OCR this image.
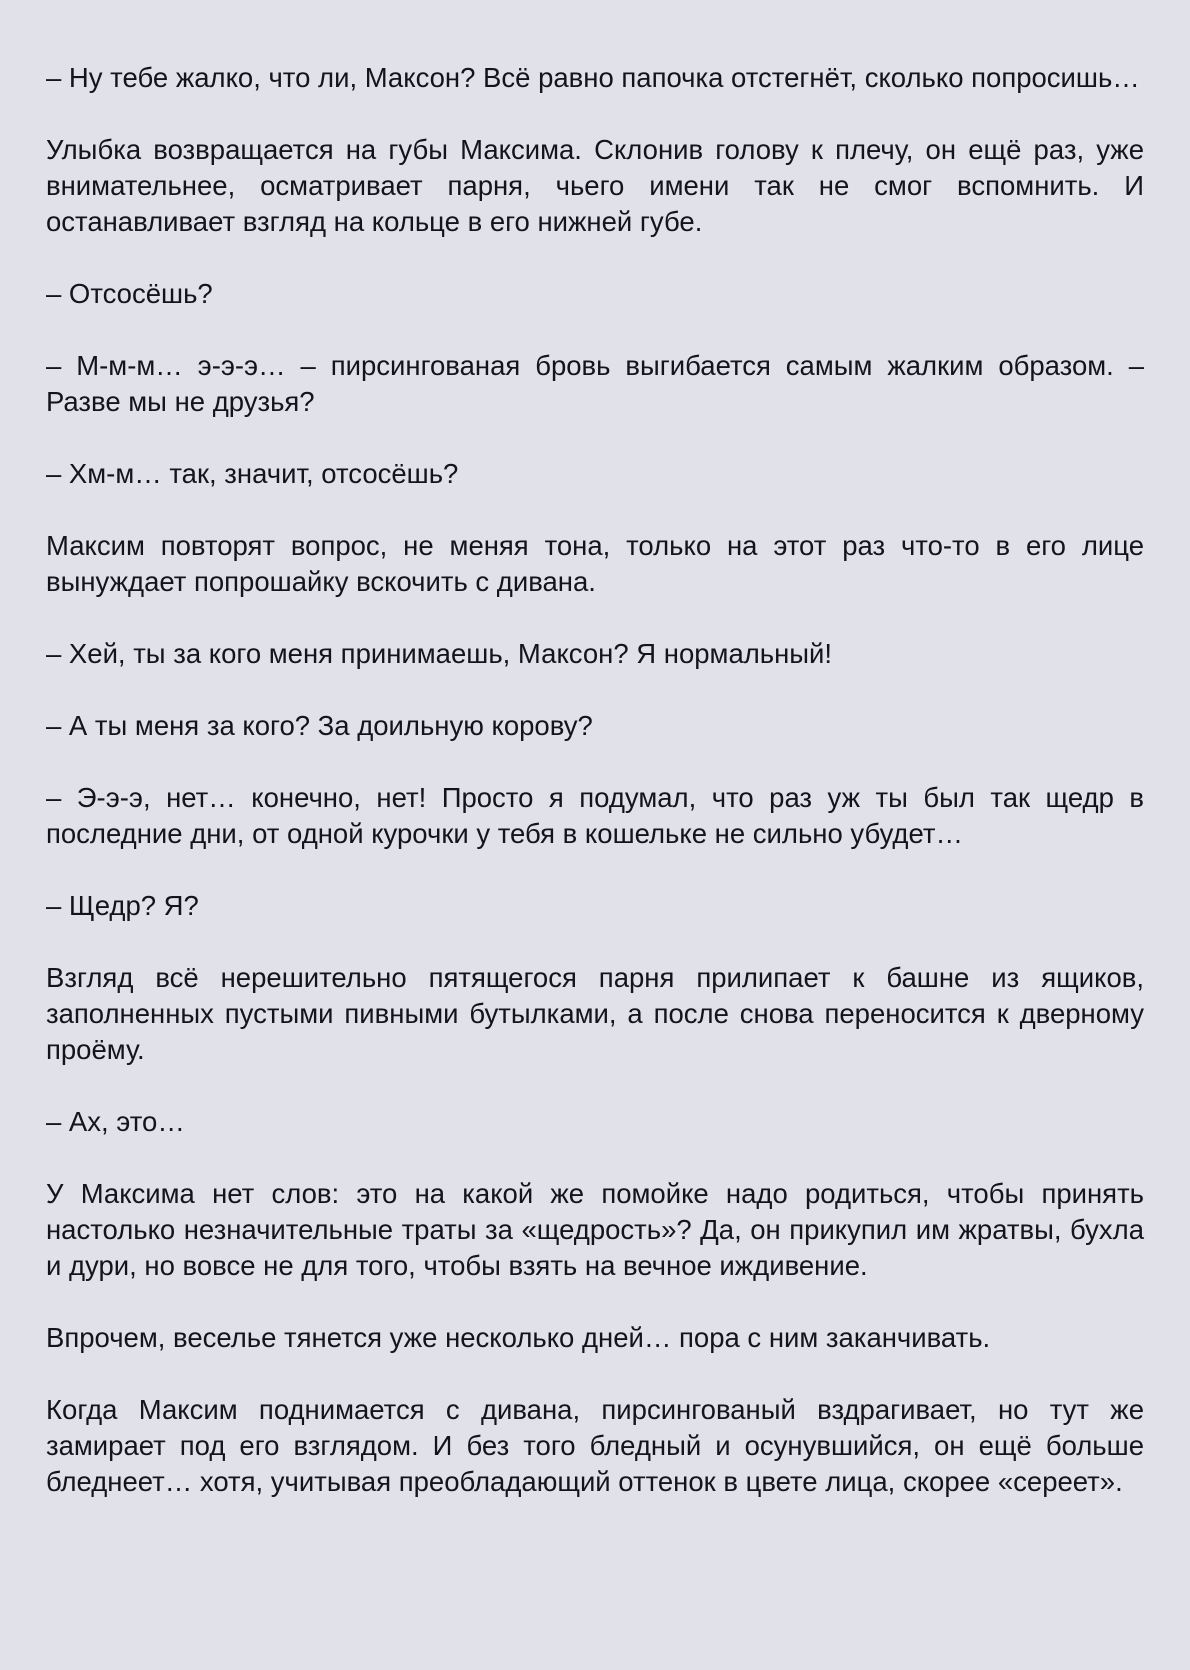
– Ну тебе жалко, что ли, Максон? Всё равно папочка отстегнёт, сколько попросишь…

Улыбка возвращается на губы Максима. Склонив голову к плечу, он ещё раз, уже внимательнее, осматривает парня, чьего имени так не смог вспомнить. И останавливает взгляд на кольце в его нижней губе.

– Отсосёшь?

– М-м-м… э-э-э… – пирсингованая бровь выгибается самым жалким образом. – Разве мы не друзья?

– Хм-м… так, значит, отсосёшь?

Максим повторят вопрос, не меняя тона, только на этот раз что-то в его лице вынуждает попрошайку вскочить с дивана.

– Хей, ты за кого меня принимаешь, Максон? Я нормальный!

– А ты меня за кого? За доильную корову?

– Э-э-э, нет… конечно, нет! Просто я подумал, что раз уж ты был так щедр в последние дни, от одной курочки у тебя в кошельке не сильно убудет…

– Щедр? Я?

Взгляд всё нерешительно пятящегося парня прилипает к башне из ящиков, заполненных пустыми пивными бутылками, а после снова переносится к дверному проёму.

– Ах, это…

У Максима нет слов: это на какой же помойке надо родиться, чтобы принять настолько незначительные траты за «щедрость»? Да, он прикупил им жратвы, бухла и дури, но вовсе не для того, чтобы взять на вечное иждивение.

Впрочем, веселье тянется уже несколько дней… пора с ним заканчивать.

Когда Максим поднимается с дивана, пирсингованый вздрагивает, но тут же замирает под его взглядом. И без того бледный и осунувшийся, он ещё больше бледнеет… хотя, учитывая преобладающий оттенок в цвете лица, скорее «сереет».
